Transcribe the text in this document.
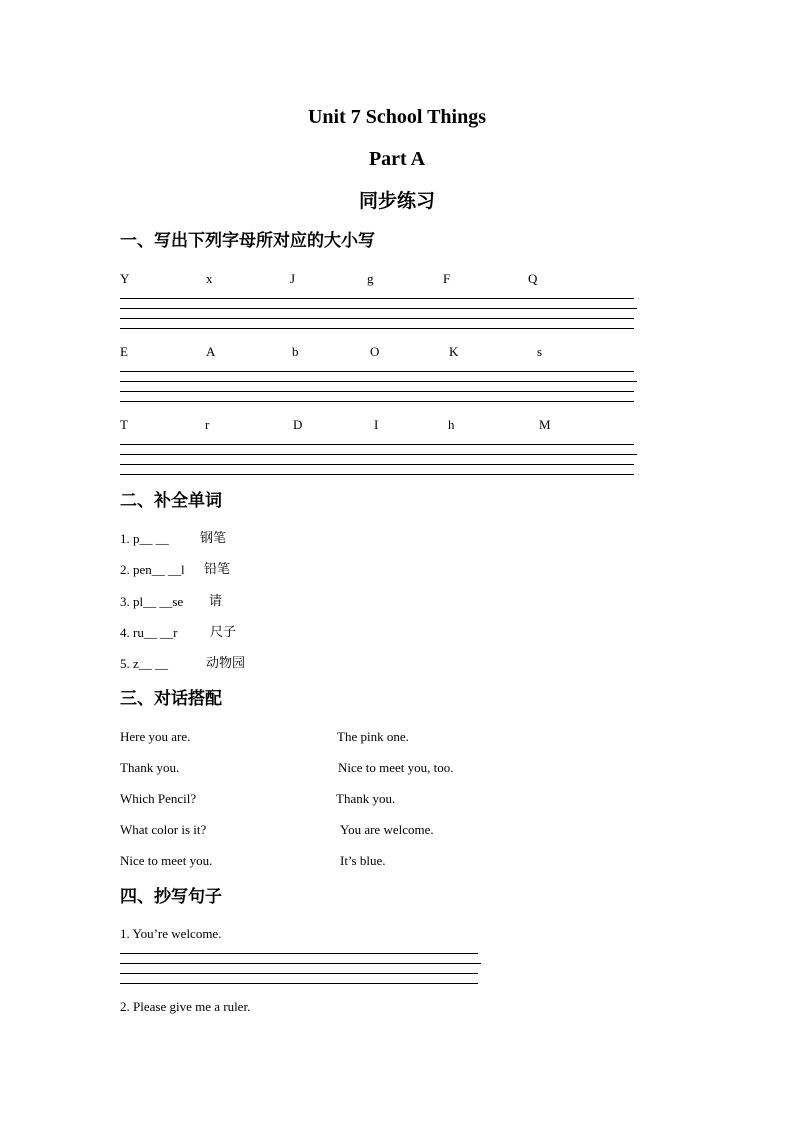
Unit 7 School Things
Part A
同步练习
一、写出下列字母所对应的大小写
Y	x	J	g	F	Q
E	A	b	O	K	s
T	r	D	I	h	M
二、补全单词
1. p__ __ 钢笔
2. pen__ __l 铅笔
3. pl__ __se 请
4. ru__ __r	尺子
5. z__ __	动物园
三、对话搭配
Here you are.	The pink one.
Thank you.	Nice to meet you, too.
Which Pencil?	Thank you.
What color is it?	You are welcome.
Nice to meet you.	It’s blue.
四、抄写句子
1. You’re welcome.
2. Please give me a ruler.
